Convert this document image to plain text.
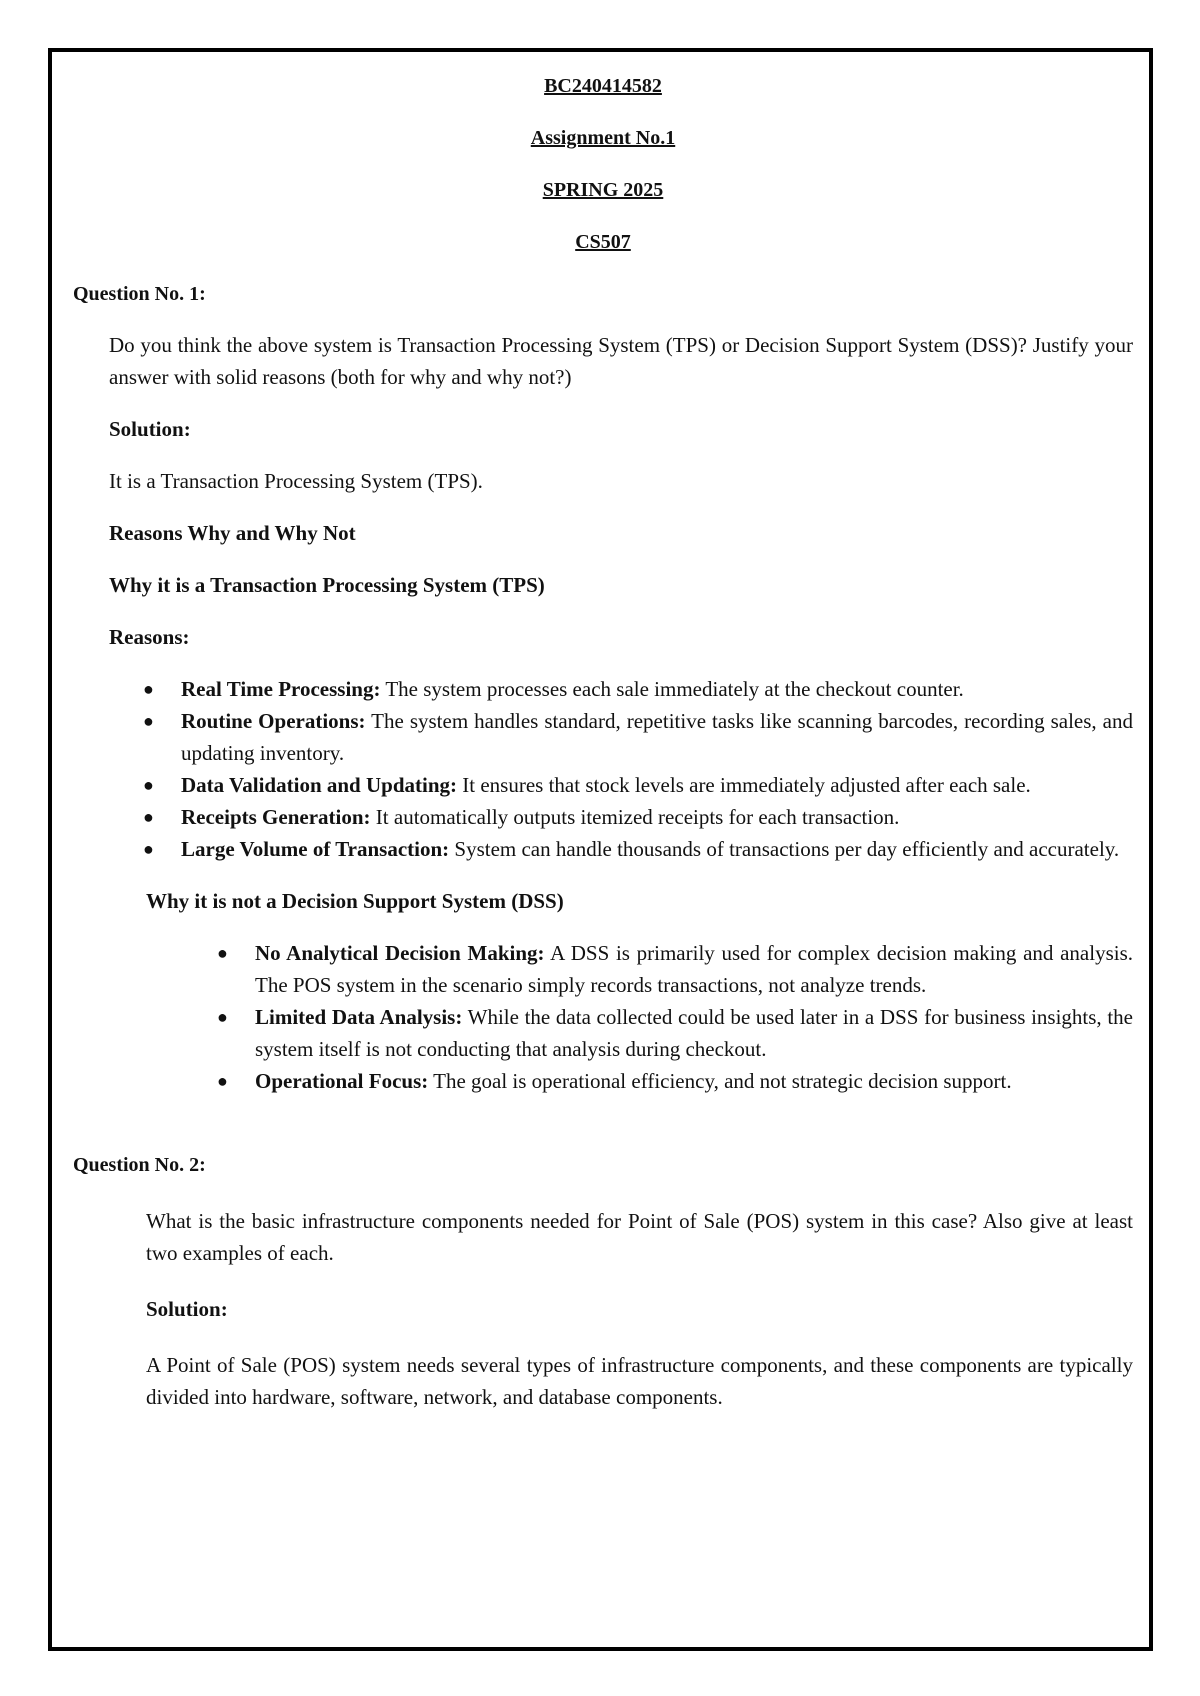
BC240414582
Assignment No.1
SPRING 2025
CS507
Question No. 1:
Do you think the above system is Transaction Processing System (TPS) or Decision Support System (DSS)? Justify your answer with solid reasons (both for why and why not?)
Solution:
It is a Transaction Processing System (TPS).
Reasons Why and Why Not
Why it is a Transaction Processing System (TPS)
Reasons:
● Real Time Processing: The system processes each sale immediately at the checkout counter.
● Routine Operations: The system handles standard, repetitive tasks like scanning barcodes, recording sales, and updating inventory.
● Data Validation and Updating: It ensures that stock levels are immediately adjusted after each sale.
● Receipts Generation: It automatically outputs itemized receipts for each transaction.
● Large Volume of Transaction: System can handle thousands of transactions per day efficiently and accurately.
Why it is not a Decision Support System (DSS)
● No Analytical Decision Making: A DSS is primarily used for complex decision making and analysis. The POS system in the scenario simply records transactions, not analyze trends.
● Limited Data Analysis: While the data collected could be used later in a DSS for business insights, the system itself is not conducting that analysis during checkout.
● Operational Focus: The goal is operational efficiency, and not strategic decision support.
Question No. 2:
What is the basic infrastructure components needed for Point of Sale (POS) system in this case? Also give at least two examples of each.
Solution:
A Point of Sale (POS) system needs several types of infrastructure components, and these components are typically divided into hardware, software, network, and database components.
